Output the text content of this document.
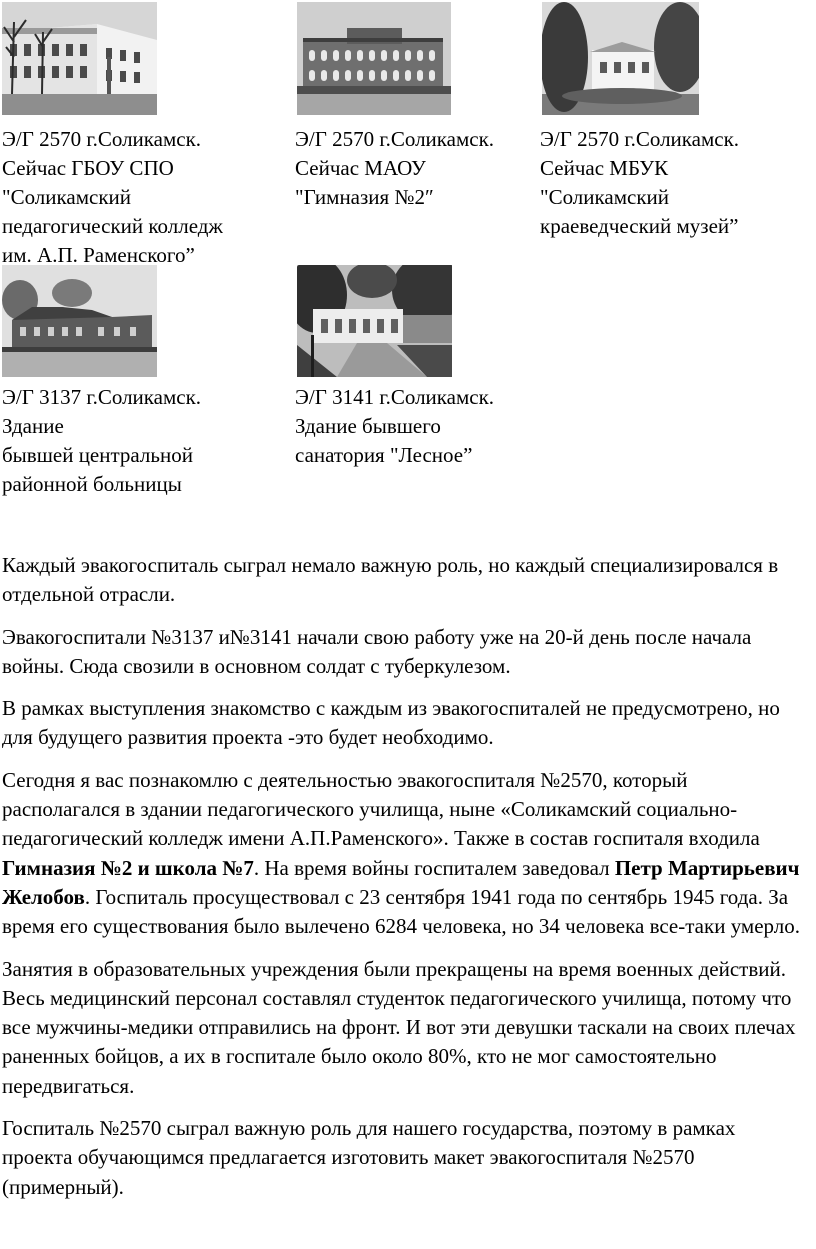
Э/Г 2570 г.Соликамск.
Сейчас ГБОУ СПО
"Соликамский
педагогический колледж
им. А.П. Раменского”
Э/Г 2570 г.Соликамск.
Сейчас МАОУ
"Гимназия №2″
Э/Г 2570 г.Соликамск.
Сейчас МБУК
"Соликамский
краеведческий музей”
Э/Г 3137 г.Соликамск.
Здание
бывшей центральной
районной больницы
Э/Г 3141 г.Соликамск.
Здание бывшего
санатория "Лесное”

Каждый эвакогоспиталь сыграл немало важную роль, но каждый специализировался в отдельной отрасли.

Эвакогоспитали №3137 и№3141 начали свою работу уже на 20-й день после начала войны. Сюда свозили в основном солдат с туберкулезом.

В рамках выступления знакомство с каждым из эвакогоспиталей не предусмотрено, но для будущего развития проекта -это будет необходимо.

Сегодня я вас познакомлю с деятельностью эвакогоспиталя №2570, который располагался в здании педагогического училища, ныне «Соликамский социально-педагогический колледж имени А.П.Раменского». Также в состав госпиталя входила Гимназия №2 и школа №7. На время войны госпиталем заведовал Петр Мартирьевич Желобов. Госпиталь просуществовал с 23 сентября 1941 года по сентябрь 1945 года. За время его существования было вылечено 6284 человека, но 34 человека все-таки умерло.

Занятия в образовательных учреждения были прекращены на время военных действий. Весь медицинский персонал составлял студенток педагогического училища, потому что все мужчины-медики отправились на фронт. И вот эти девушки таскали на своих плечах раненных бойцов, а их в госпитале было около 80%, кто не мог самостоятельно передвигаться.

Госпиталь №2570 сыграл важную роль для нашего государства, поэтому в рамках проекта обучающимся предлагается изготовить макет эвакогоспиталя №2570 (примерный).
